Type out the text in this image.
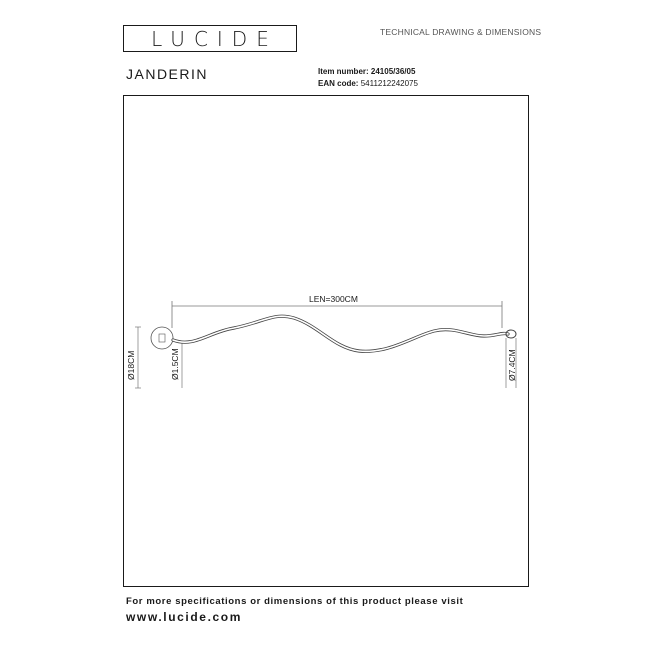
LUCIDE	TECHNICAL DRAWING & DIMENSIONS
JANDERIN	Item number: 24105/36/05
EAN code: 5411212242075
LEN=300CM
Ø18CM	Ø1.5CM	Ø7.4CM
For more specifications or dimensions of this product please visit
www.lucide.com
